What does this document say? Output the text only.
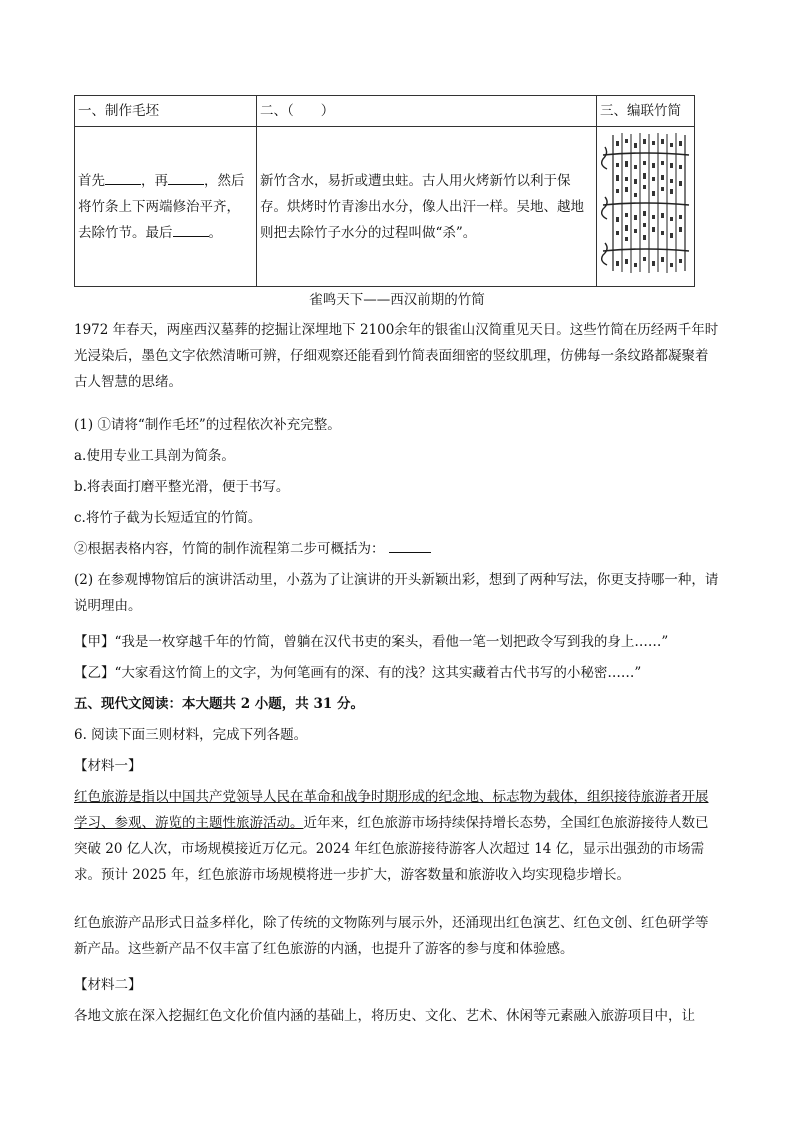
一、制作毛坯	二、（　　）	三、编联竹简
首先 ，再 ，然后将竹条上下两端修治平齐，去除竹节。最后 。	新竹含水，易折或遭虫蛀。古人用火烤新竹以利于保存。烘烤时竹青渗出水分，像人出汗一样。吴地、越地则把去除竹子水分的过程叫做“杀”。	
雀鸣天下——西汉前期的竹简

1972 年春天，两座西汉墓葬的挖掘让深埋地下 2100余年的银雀山汉简重见天日。这些竹简在历经两千年时光浸染后，墨色文字依然清晰可辨，仔细观察还能看到竹简表面细密的竖纹肌理，仿佛每一条纹路都凝聚着古人智慧的思绪。

(1) ①请将“制作毛坯”的过程依次补充完整。

a.使用专业工具剖为简条。

b.将表面打磨平整光滑，便于书写。

c.将竹子截为长短适宜的竹简。

②根据表格内容，竹简的制作流程第二步可概括为：

(2) 在参观博物馆后的演讲活动里，小荔为了让演讲的开头新颖出彩，想到了两种写法，你更支持哪一种，请说明理由。

【甲】“我是一枚穿越千年的竹简，曾躺在汉代书吏的案头，看他一笔一划把政令写到我的身上……”

【乙】“大家看这竹简上的文字，为何笔画有的深、有的浅？这其实藏着古代书写的小秘密……”

五、现代文阅读：本大题共 2 小题，共 31 分。

6. 阅读下面三则材料，完成下列各题。

【材料一】

红色旅游是指以中国共产党领导人民在革命和战争时期形成的纪念地、标志物为载体，组织接待旅游者开展学习、参观、游览的主题性旅游活动。近年来，红色旅游市场持续保持增长态势，全国红色旅游接待人数已突破 20 亿人次，市场规模接近万亿元。2024 年红色旅游接待游客人次超过 14 亿，显示出强劲的市场需求。预计 2025 年，红色旅游市场规模将进一步扩大，游客数量和旅游收入均实现稳步增长。

红色旅游产品形式日益多样化，除了传统的文物陈列与展示外，还涌现出红色演艺、红色文创、红色研学等新产品。这些新产品不仅丰富了红色旅游的内涵，也提升了游客的参与度和体验感。

【材料二】

各地文旅在深入挖掘红色文化价值内涵的基础上，将历史、文化、艺术、休闲等元素融入旅游项目中，让
